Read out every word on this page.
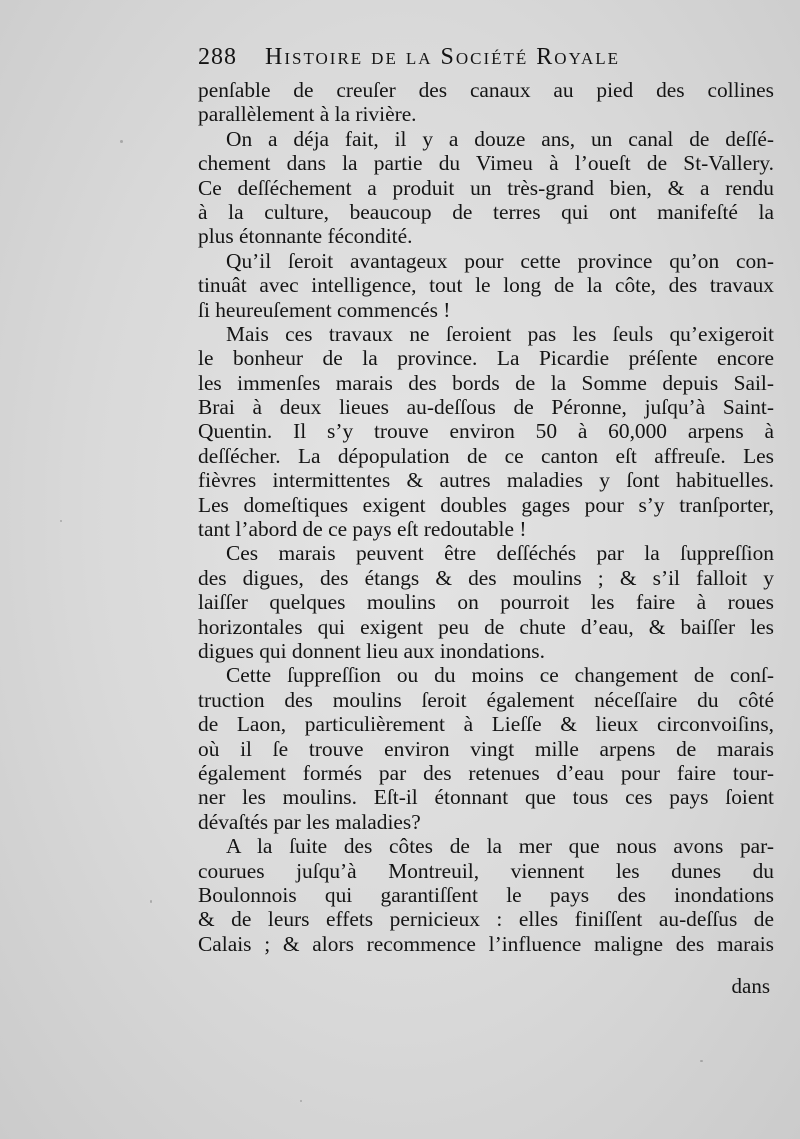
288 Histoire de la Société Royale
penſable de creuſer des canaux au pied des collines
parallèlement à la rivière.
On a déja fait, il y a douze ans, un canal de deſſé-
chement dans la partie du Vimeu à l’oueſt de St-Vallery.
Ce deſſéchement a produit un très-grand bien, & a rendu
à la culture, beaucoup de terres qui ont manifeſté la
plus étonnante fécondité.
Qu’il ſeroit avantageux pour cette province qu’on con-
tinuât avec intelligence, tout le long de la côte, des travaux
ſi heureuſement commencés !
Mais ces travaux ne ſeroient pas les ſeuls qu’exigeroit
le bonheur de la province. La Picardie préſente encore
les immenſes marais des bords de la Somme depuis Sail-
Brai à deux lieues au-deſſous de Péronne, juſqu’à Saint-
Quentin. Il s’y trouve environ 50 à 60,000 arpens à
deſſécher. La dépopulation de ce canton eſt affreuſe. Les
fièvres intermittentes & autres maladies y ſont habituelles.
Les domeſtiques exigent doubles gages pour s’y tranſporter,
tant l’abord de ce pays eſt redoutable !
Ces marais peuvent être deſſéchés par la ſuppreſſion
des digues, des étangs & des moulins ; & s’il falloit y
laiſſer quelques moulins on pourroit les faire à roues
horizontales qui exigent peu de chute d’eau, & baiſſer les
digues qui donnent lieu aux inondations.
Cette ſuppreſſion ou du moins ce changement de conſ-
truction des moulins ſeroit également néceſſaire du côté
de Laon, particulièrement à Lieſſe & lieux circonvoiſins,
où il ſe trouve environ vingt mille arpens de marais
également formés par des retenues d’eau pour faire tour-
ner les moulins. Eſt-il étonnant que tous ces pays ſoient
dévaſtés par les maladies?
A la ſuite des côtes de la mer que nous avons par-
courues juſqu’à Montreuil, viennent les dunes du
Boulonnois qui garantiſſent le pays des inondations
& de leurs effets pernicieux : elles finiſſent au-deſſus de
Calais ; & alors recommence l’influence maligne des marais
dans
